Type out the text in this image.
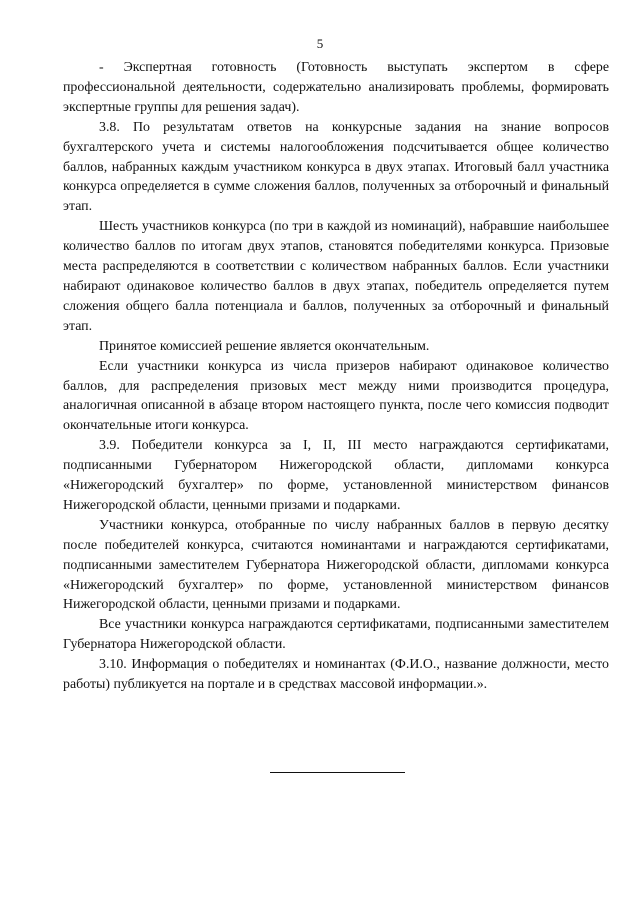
5

- Экспертная готовность (Готовность выступать экспертом в сфере профессиональной деятельности, содержательно анализировать проблемы, формировать экспертные группы для решения задач).

3.8. По результатам ответов на конкурсные задания на знание вопросов бухгалтерского учета и системы налогообложения подсчитывается общее количество баллов, набранных каждым участником конкурса в двух этапах. Итоговый балл участника конкурса определяется в сумме сложения баллов, полученных за отборочный и финальный этап.

Шесть участников конкурса (по три в каждой из номинаций), набравшие наибольшее количество баллов по итогам двух этапов, становятся победителями конкурса. Призовые места распределяются в соответствии с количеством набранных баллов. Если участники набирают одинаковое количество баллов в двух этапах, победитель определяется путем сложения общего балла потенциала и баллов, полученных за отборочный и финальный этап.

Принятое комиссией решение является окончательным.

Если участники конкурса из числа призеров набирают одинаковое количество баллов, для распределения призовых мест между ними производится процедура, аналогичная описанной в абзаце втором настоящего пункта, после чего комиссия подводит окончательные итоги конкурса.

3.9. Победители конкурса за I, II, III место награждаются сертификатами, подписанными Губернатором Нижегородской области, дипломами конкурса «Нижегородский бухгалтер» по форме, установленной министерством финансов Нижегородской области, ценными призами и подарками.

Участники конкурса, отобранные по числу набранных баллов в первую десятку после победителей конкурса, считаются номинантами и награждаются сертификатами, подписанными заместителем Губернатора Нижегородской области, дипломами конкурса «Нижегородский бухгалтер» по форме, установленной министерством финансов Нижегородской области, ценными призами и подарками.

Все участники конкурса награждаются сертификатами, подписанными заместителем Губернатора Нижегородской области.

3.10. Информация о победителях и номинантах (Ф.И.О., название должности, место работы) публикуется на портале и в средствах массовой информации.».
